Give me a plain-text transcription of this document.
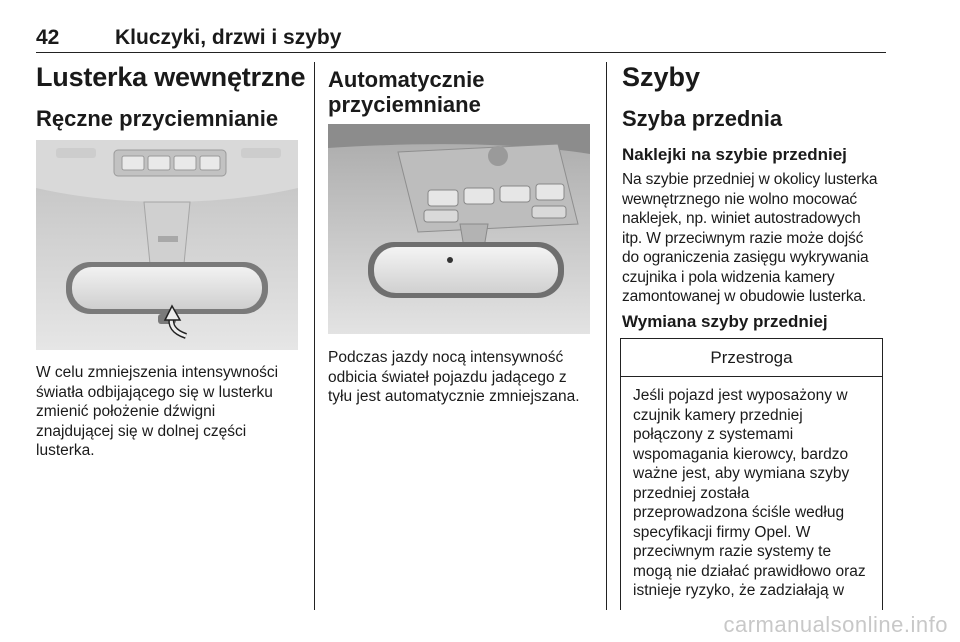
42	Kluczyki, drzwi i szyby
Lusterka wewnętrzne
Ręczne przyciemnianie
W celu zmniejszenia intensywności
światła odbijającego się w lusterku
zmienić położenie dźwigni
znajdującej się w dolnej części
lusterka.
Automatycznie
przyciemniane
Podczas jazdy nocą intensywność
odbicia świateł pojazdu jadącego z
tyłu jest automatycznie zmniejszana.
Szyby
Szyba przednia
Naklejki na szybie przedniej
Na szybie przedniej w okolicy lusterka
wewnętrznego nie wolno mocować
naklejek, np. winiet autostradowych
itp. W przeciwnym razie może dojść
do ograniczenia zasięgu wykrywania
czujnika i pola widzenia kamery
zamontowanej w obudowie lusterka.
Wymiana szyby przedniej
Przestroga
Jeśli pojazd jest wyposażony w
czujnik kamery przedniej
połączony z systemami
wspomagania kierowcy, bardzo
ważne jest, aby wymiana szyby
przedniej została
przeprowadzona ściśle według
specyfikacji firmy Opel. W
przeciwnym razie systemy te
mogą nie działać prawidłowo oraz
istnieje ryzyko, że zadziałają w
carmanualsonline.info
